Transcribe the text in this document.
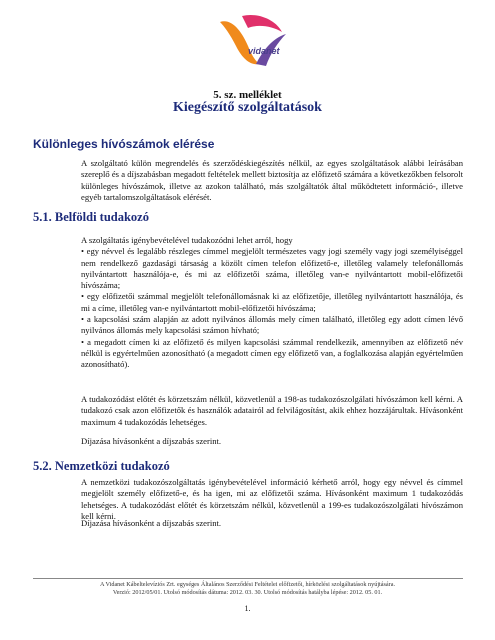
vidanet
5. sz. melléklet
Kiegészítő szolgáltatások
Különleges hívószámok elérése

A szolgáltató külön megrendelés és szerződéskiegészítés nélkül, az egyes szolgáltatások alábbi leírásában szereplő és a díjszabásban megadott feltételek mellett biztosítja az előfizető számára a következőkben felsorolt különleges hívószámok, illetve az azokon található, más szolgáltatók által működtetett információ-, illetve egyéb tartalomszolgáltatások elérését.

5.1. Belföldi tudakozó
A szolgáltatás igénybevételével tudakozódni lehet arról, hogy
• egy névvel és legalább részleges címmel megjelölt természetes vagy jogi személy vagy jogi személyiséggel nem rendelkező gazdasági társaság a közölt címen telefon előfizető-e, illetőleg valamely telefonállomás nyilvántartott használója-e, és mi az előfizetői száma, illetőleg van-e nyilvántartott mobil-előfizetői hívószáma;
• egy előfizetői számmal megjelölt telefonállomásnak ki az előfizetője, illetőleg nyilvántartott használója, és mi a címe, illetőleg van-e nyilvántartott mobil-előfizetői hívószáma;
• a kapcsolási szám alapján az adott nyilvános állomás mely címen található, illetőleg egy adott címen lévő nyilvános állomás mely kapcsolási számon hívható;
• a megadott címen ki az előfizető és milyen kapcsolási számmal rendelkezik, amennyiben az előfizető név nélkül is egyértelműen azonosítható (a megadott címen egy előfizető van, a foglalkozása alapján egyértelműen azonosítható).

A tudakozódást előtét és körzetszám nélkül, közvetlenül a 198-as tudakozószolgálati hívószámon kell kérni. A tudakozó csak azon előfizetők és használók adatairól ad felvilágosítást, akik ehhez hozzájárultak. Hívásonként maximum 4 tudakozódás lehetséges.

Díjazása hívásonként a díjszabás szerint.

5.2. Nemzetközi tudakozó

A nemzetközi tudakozószolgáltatás igénybevételével információ kérhető arról, hogy egy névvel és címmel megjelölt személy előfizető-e, és ha igen, mi az előfizetői száma. Hívásonként maximum 1 tudakozódás lehetséges. A tudakozódást előtét és körzetszám nélkül, közvetlenül a 199-es tudakozószolgálati hívószámon kell kérni.

Díjazása hívásonként a díjszabás szerint.

A Vidanet Kábeltelevíziós Zrt. egységes Általános Szerződési Feltételei előfizetői, hírközlési szolgáltatások nyújtására.
Verzió: 2012/05/01. Utolsó módosítás dátuma: 2012. 03. 30. Utolsó módosítás hatályba lépése: 2012. 05. 01.
1.
